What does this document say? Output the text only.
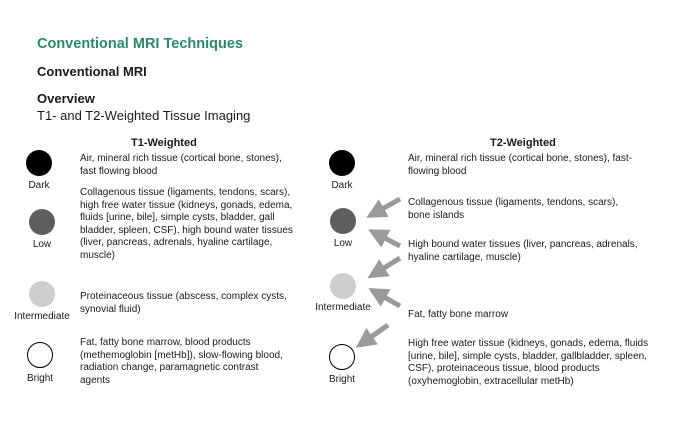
Conventional MRI Techniques
Conventional MRI
Overview
T1- and T2-Weighted Tissue Imaging
T1-Weighted
Dark
Air, mineral rich tissue (cortical bone, stones), fast flowing blood
Low
Collagenous tissue (ligaments, tendons, scars), high free water tissue (kidneys, gonads, edema, fluids [urine, bile], simple cysts, bladder, gall bladder, spleen, CSF), high bound water tissues (liver, pancreas, adrenals, hyaline cartilage, muscle)
Intermediate
Proteinaceous tissue (abscess, complex cysts, synovial fluid)
Bright
Fat, fatty bone marrow, blood products (methemoglobin [metHb]), slow-flowing blood, radiation change, paramagnetic contrast agents
T2-Weighted
Dark
Air, mineral rich tissue (cortical bone, stones), fast-flowing blood
Low
Intermediate
Bright
Collagenous tissue (ligaments, tendons, scars), bone islands
High bound water tissues (liver, pancreas, adrenals, hyaline cartilage, muscle)
Fat, fatty bone marrow
High free water tissue (kidneys, gonads, edema, fluids [urine, bile], simple cysts, bladder, gallbladder, spleen, CSF), proteinaceous tissue, blood products (oxyhemoglobin, extracellular metHb)
